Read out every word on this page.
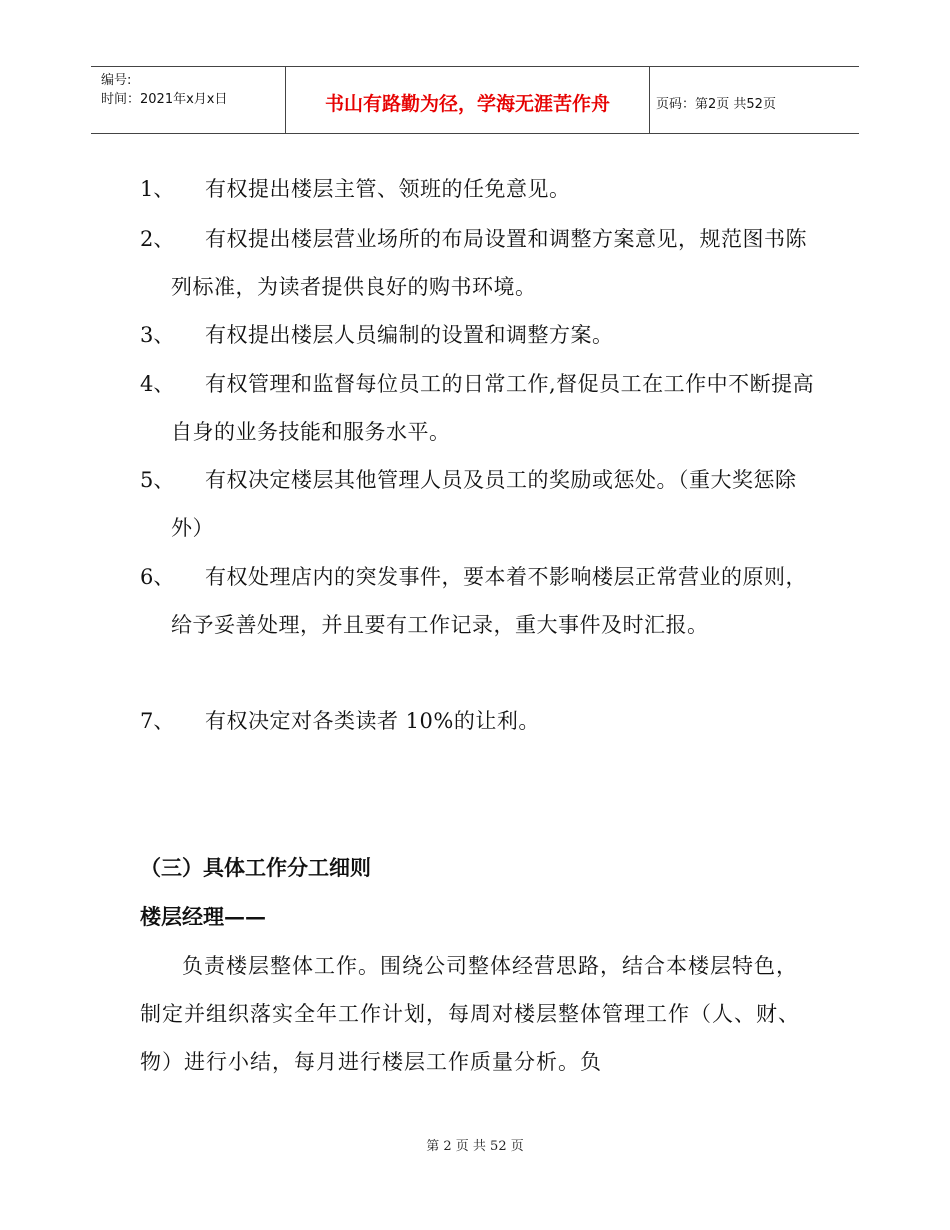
编号:
时间：2021年x月x日	书山有路勤为径，学海无涯苦作舟	页码：第2页 共52页
1、	有权提出楼层主管、领班的任免意见。
2、	有权提出楼层营业场所的布局设置和调整方案意见，规范图书陈列标准，为读者提供良好的购书环境。
3、	有权提出楼层人员编制的设置和调整方案。
4、	有权管理和监督每位员工的日常工作,督促员工在工作中不断提高自身的业务技能和服务水平。
5、	有权决定楼层其他管理人员及员工的奖励或惩处。（重大奖惩除外）
6、	有权处理店内的突发事件，要本着不影响楼层正常营业的原则，给予妥善处理，并且要有工作记录，重大事件及时汇报。
7、	有权决定对各类读者 10%的让利。
（三）具体工作分工细则
楼层经理——
负责楼层整体工作。围绕公司整体经营思路，结合本楼层特色，制定并组织落实全年工作计划，每周对楼层整体管理工作（人、财、物）进行小结，每月进行楼层工作质量分析。负
第 2 页 共 52 页
